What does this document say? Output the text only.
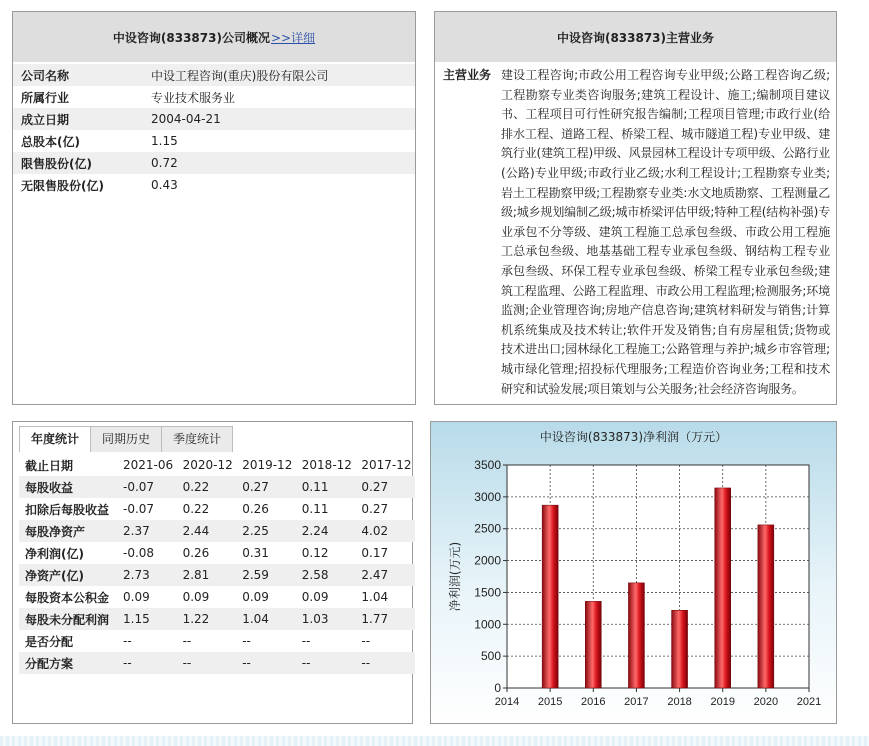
中设咨询(833873)公司概况 >>详细
公司名称	中设工程咨询(重庆)股份有限公司
所属行业	专业技术服务业
成立日期	2004-04-21
总股本(亿)	1.15
限售股份(亿)	0.72
无限售股份(亿)	0.43
中设咨询(833873)主营业务
主营业务 建设工程咨询;市政公用工程咨询专业甲级;公路工程咨询乙级;工程勘察专业类咨询服务;建筑工程设计、施工;编制项目建议书、工程项目可行性研究报告编制;工程项目管理;市政行业(给排水工程、道路工程、桥梁工程、城市隧道工程)专业甲级、建筑行业(建筑工程)甲级、风景园林工程设计专项甲级、公路行业(公路)专业甲级;市政行业乙级;水利工程设计;工程勘察专业类;岩土工程勘察甲级;工程勘察专业类:水文地质勘察、工程测量乙级;城乡规划编制乙级;城市桥梁评估甲级;特种工程(结构补强)专业承包不分等级、建筑工程施工总承包叁级、市政公用工程施工总承包叁级、地基基础工程专业承包叁级、钢结构工程专业承包叁级、环保工程专业承包叁级、桥梁工程专业承包叁级;建筑工程监理、公路工程监理、市政公用工程监理;检测服务;环境监测;企业管理咨询;房地产信息咨询;建筑材料研发与销售;计算机系统集成及技术转让;软件开发及销售;自有房屋租赁;货物或技术进出口;园林绿化工程施工;公路管理与养护;城乡市容管理;城市绿化管理;招投标代理服务;工程造价咨询业务;工程和技术研究和试验发展;项目策划与公关服务;社会经济咨询服务。
年度统计	同期历史	季度统计
截止日期	2021-06	2020-12	2019-12	2018-12	2017-12
每股收益	-0.07	0.22	0.27	0.11	0.27
扣除后每股收益	-0.07	0.22	0.26	0.11	0.27
每股净资产	2.37	2.44	2.25	2.24	4.02
净利润(亿)	-0.08	0.26	0.31	0.12	0.17
净资产(亿)	2.73	2.81	2.59	2.58	2.47
每股资本公积金	0.09	0.09	0.09	0.09	1.04
每股未分配利润	1.15	1.22	1.04	1.03	1.77
是否分配	--	--	--	--	--
分配方案	--	--	--	--	--
中设咨询(833873)净利润（万元）
0
500
1000
1500
2000
2500
3000
3500
2014 2015 2016 2017 2018 2019 2020 2021
净利润(万元)
